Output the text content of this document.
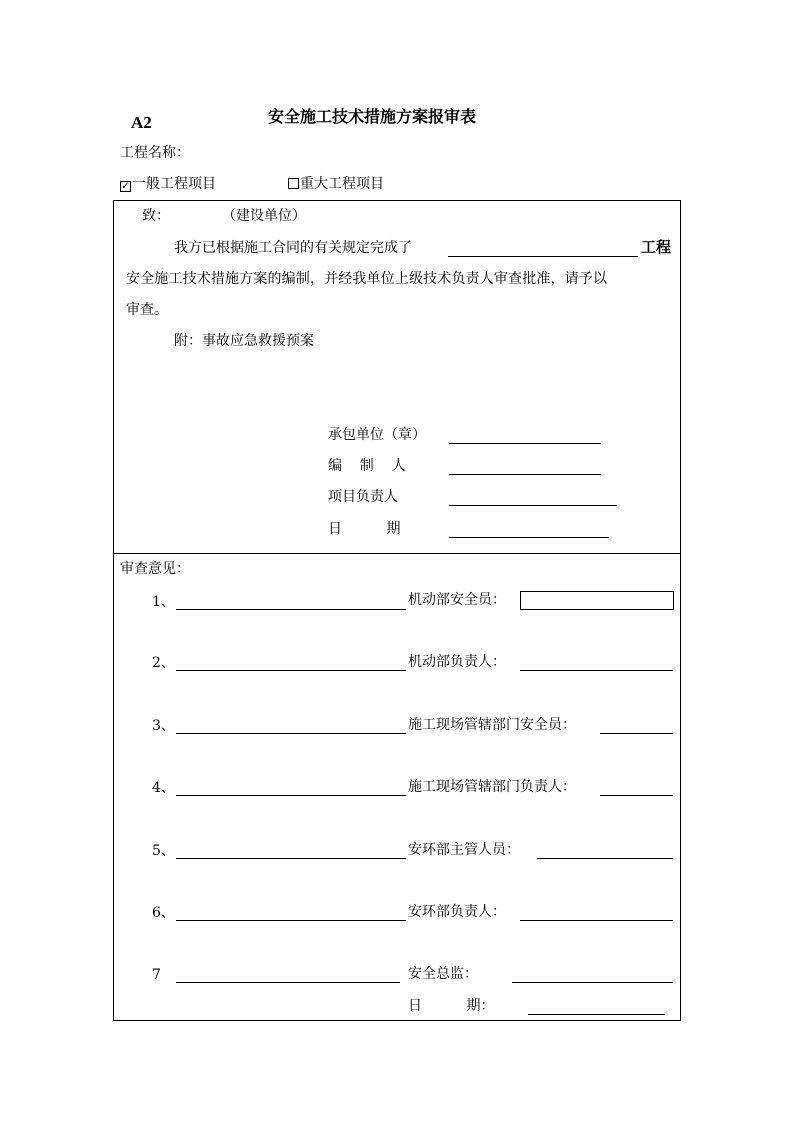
A2	安全施工技术措施方案报审表
工程名称：
✓ 一般工程项目	重大工程项目
致：	（建设单位）
我方已根据施工合同的有关规定完成了	工程
安全施工技术措施方案的编制，并经我单位上级技术负责人审查批准，请予以
审查。
附：事故应急救援预案
承包单位（章）
编    制    人
项目负责人
日          期
审查意见：
1、	机动部安全员：
2、	机动部负责人：
3、	施工现场管辖部门安全员：
4、	施工现场管辖部门负责人：
5、	安环部主管人员：
6、	安环部负责人：
7	安全总监：
日          期：
